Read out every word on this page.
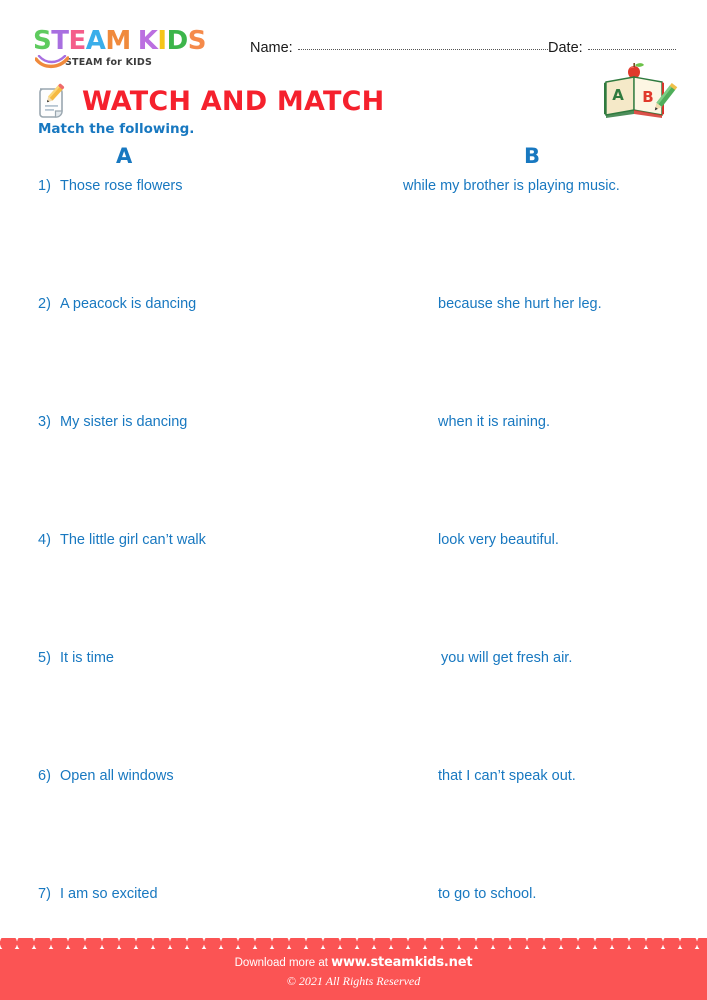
STEAM KIDS
STEAM for KIDS
Name:	Date:
WATCH AND MATCH
Match the following.
A B
A	B
1) Those rose flowers	while my brother is playing music.
2) A peacock is dancing	because she hurt her leg.
3) My sister is dancing	when it is raining.
4) The little girl can’t walk	look very beautiful.
5) It is time	you will get fresh air.
6) Open all windows	that I can’t speak out.
7) I am so excited	to go to school.
Download more at www.steamkids.net
© 2021 All Rights Reserved
